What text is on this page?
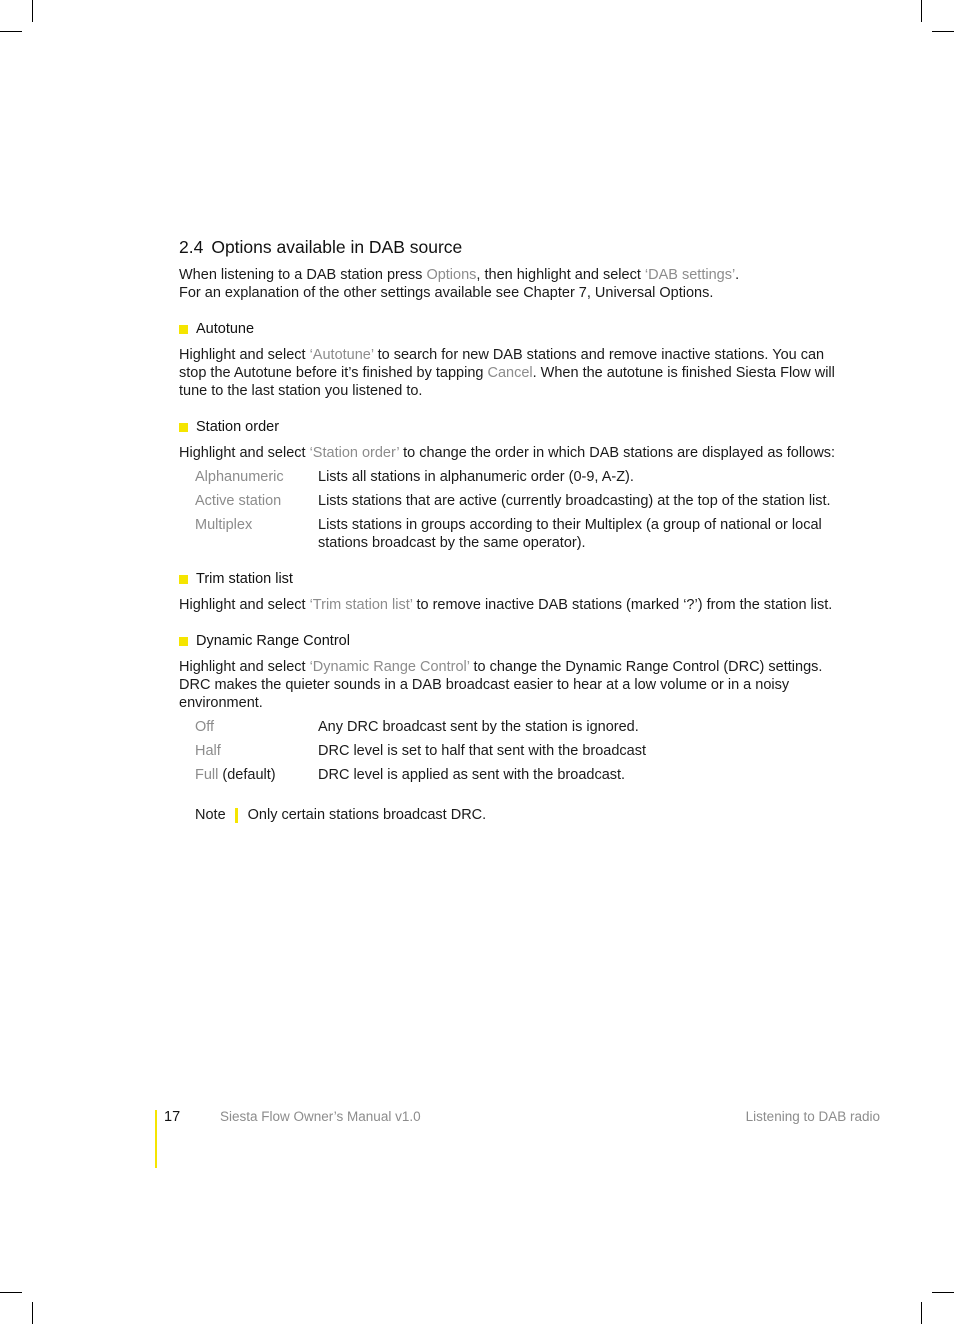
2.4 Options available in DAB source

When listening to a DAB station press Options, then highlight and select ‘DAB settings’.
For an explanation of the other settings available see Chapter 7, Universal Options.

Autotune

Highlight and select ‘Autotune’ to search for new DAB stations and remove inactive stations. You can stop the Autotune before it’s finished by tapping Cancel. When the autotune is finished Siesta Flow will tune to the last station you listened to.

Station order

Highlight and select ‘Station order’ to change the order in which DAB stations are displayed as follows:

Alphanumeric	Lists all stations in alphanumeric order (0-9, A-Z).
Active station	Lists stations that are active (currently broadcasting) at the top of the station list.
Multiplex	Lists stations in groups according to their Multiplex (a group of national or local stations broadcast by the same operator).
Trim station list

Highlight and select ‘Trim station list’ to remove inactive DAB stations (marked ‘?’) from the station list.

Dynamic Range Control

Highlight and select ‘Dynamic Range Control’ to change the Dynamic Range Control (DRC) settings. DRC makes the quieter sounds in a DAB broadcast easier to hear at a low volume or in a noisy environment.

Off	Any DRC broadcast sent by the station is ignored.
Half	DRC level is set to half that sent with the broadcast
Full (default)	DRC level is applied as sent with the broadcast.
Note Only certain stations broadcast DRC.
17	Siesta Flow Owner’s Manual v1.0	Listening to DAB radio
